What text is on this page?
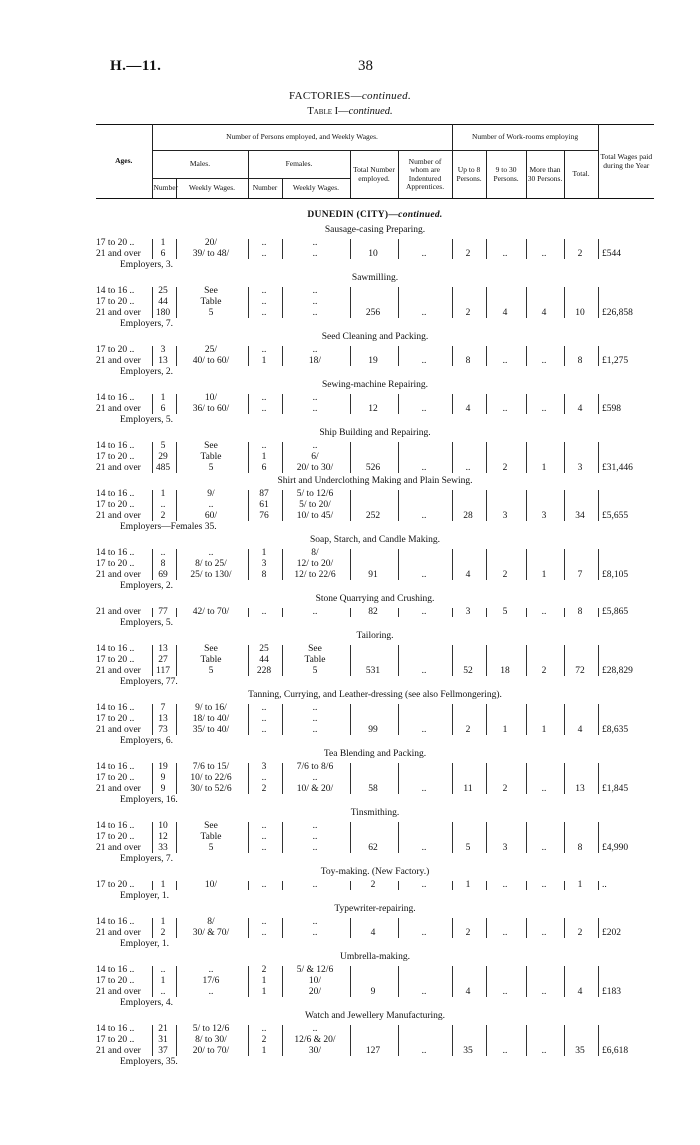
H.—11.	38
FACTORIES—continued.
Table I—continued.
Ages.	Number of Persons employed, and Weekly Wages.						Number of Work-rooms employing				Total Wages paid during the Year
	Males.		Females.		Total Number employed.	Number of whom are Indentured Apprentices.	Up to 8 Persons.	9 to 30 Persons.	More than 30 Persons.	Total.	
	Number	Weekly Wages.	Number	Weekly Wages.							
DUNEDIN (CITY)—continued.
Sausage-casing Preparing.
17 to 20 ..	1	20/	..	..
21 and over	6	39/ to 48/	..	..	10	..	2	..	..	2	£544
Employers, 3.
Sawmilling.
14 to 16 ..	25	See	..	..
17 to 20 ..	44	Table	..	..
21 and over	180	5	..	..	256	..	2	4	4	10	£26,858
Employers, 7.
Seed Cleaning and Packing.
17 to 20 ..	3	25/	..	..
21 and over	13	40/ to 60/	1	18/	19	..	8	..	..	8	£1,275
Employers, 2.
Sewing-machine Repairing.
14 to 16 ..	1	10/	..	..
21 and over	6	36/ to 60/	..	..	12	..	4	..	..	4	£598
Employers, 5.
Ship Building and Repairing.
14 to 16 ..	5	See	..	..
17 to 20 ..	29	Table	1	6/
21 and over	485	5	6	20/ to 30/	526	..	..	2	1	3	£31,446
Shirt and Underclothing Making and Plain Sewing.
14 to 16 ..	1	9/	87	5/ to 12/6
17 to 20 ..	..	..	61	5/ to 20/
21 and over	2	60/	76	10/ to 45/	252	..	28	3	3	34	£5,655
Employers—Females 35.
Soap, Starch, and Candle Making.
14 to 16 ..	..	..	1	8/
17 to 20 ..	8	8/ to 25/	3	12/ to 20/
21 and over	69	25/ to 130/	8	12/ to 22/6	91	..	4	2	1	7	£8,105
Employers, 2.
Stone Quarrying and Crushing.
21 and over	77	42/ to 70/	..	..	82	..	3	5	..	8	£5,865
Employers, 5.
Tailoring.
14 to 16 ..	13	See	25	See
17 to 20 ..	27	Table	44	Table
21 and over	117	5	228	5	531	..	52	18	2	72	£28,829
Employers, 77.
Tanning, Currying, and Leather-dressing (see also Fellmongering).
14 to 16 ..	7	9/ to 16/	..	..
17 to 20 ..	13	18/ to 40/	..	..
21 and over	73	35/ to 40/	..	..	99	..	2	1	1	4	£8,635
Employers, 6.
Tea Blending and Packing.
14 to 16 ..	19	7/6 to 15/	3	7/6 to 8/6
17 to 20 ..	9	10/ to 22/6	..	..
21 and over	9	30/ to 52/6	2	10/ & 20/	58	..	11	2	..	13	£1,845
Employers, 16.
Tinsmithing.
14 to 16 ..	10	See	..	..
17 to 20 ..	12	Table	..	..
21 and over	33	5	..	..	62	..	5	3	..	8	£4,990
Employers, 7.
Toy-making. (New Factory.)
17 to 20 ..	1	10/	..	..	2	..	1	..	..	1	..
Employer, 1.
Typewriter-repairing.
14 to 16 ..	1	8/	..	..
21 and over	2	30/ & 70/	..	..	4	..	2	..	..	2	£202
Employer, 1.
Umbrella-making.
14 to 16 ..	..	..	2	5/ & 12/6
17 to 20 ..	1	17/6	1	10/
21 and over	..	..	1	20/	9	..	4	..	..	4	£183
Employers, 4.
Watch and Jewellery Manufacturing.
14 to 16 ..	21	5/ to 12/6	..	..
17 to 20 ..	31	8/ to 30/	2	12/6 & 20/
21 and over	37	20/ to 70/	1	30/	127	..	35	..	..	35	£6,618
Employers, 35.
